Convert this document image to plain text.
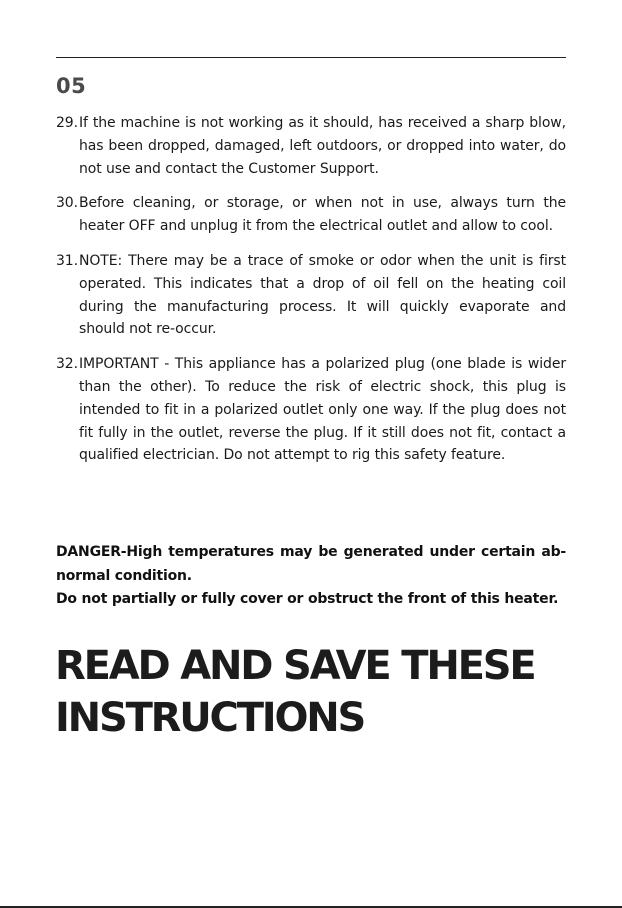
05
29. If the machine is not working as it should, has received a sharp blow, has been dropped, damaged, left outdoors, or dropped into water, do not use and contact the Customer Support.
30. Before cleaning, or storage, or when not in use, always turn the heater OFF and unplug it from the electrical outlet and allow to cool.
31. NOTE: There may be a trace of smoke or odor when the unit is first operated. This indicates that a drop of oil fell on the heating coil during the manufacturing process. It will quickly evaporate and should not re-occur.
32. IMPORTANT - This appliance has a polarized plug (one blade is wider than the other). To reduce the risk of electric shock, this plug is intended to fit in a polarized outlet only one way. If the plug does not fit fully in the outlet, reverse the plug. If it still does not fit, contact a qualified electrician. Do not attempt to rig this safety feature.

DANGER-High temperatures may be generated under certain ab-normal condition.

Do not partially or fully cover or obstruct the front of this heater.

READ AND SAVE THESE
INSTRUCTIONS
